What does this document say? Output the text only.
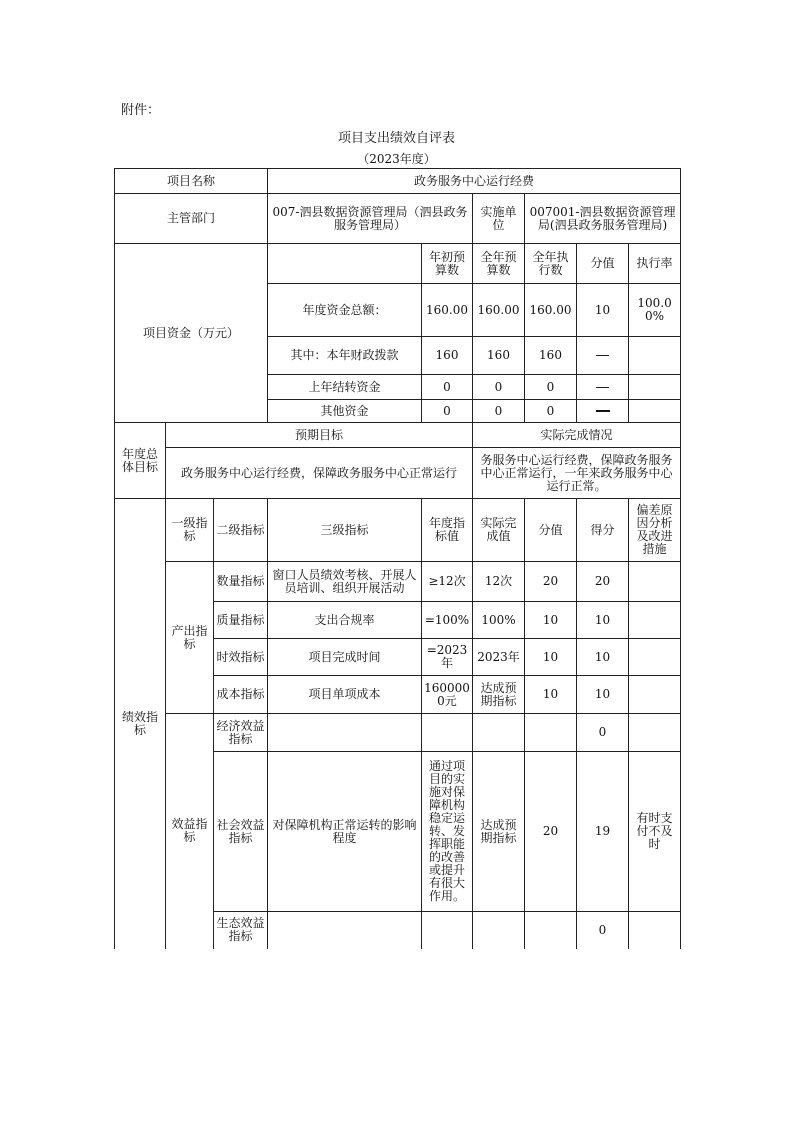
附件：
项目支出绩效自评表
（2023年度）
项目名称			政务服务中心运行经费						
主管部门			007-泗县数据资源管理局（泗县政务服务管理局）		实施单位	007001-泗县数据资源管理局(泗县政务服务管理局)			
项目资金（万元）				年初预算数	全年预算数	全年执行数	分值	执行率	
			年度资金总额：	160.00	160.00	160.00	10	100.00%	
			其中：本年财政拨款	160	160	160			
			上年结转资金	0	0	0			
			其他资金	0	0	0			
年度总体目标	预期目标				实际完成情况				
	政务服务中心运行经费，保障政务服务中心正常运行				务服务中心运行经费，保障政务服务中心正常运行，一年来政务服务中心运行正常。				
绩效指标	一级指标	二级指标	三级指标	年度指标值	实际完成值	分值	得分	偏差原因分析及改进措施	
	产出指标	数量指标	窗口人员绩效考核、开展人员培训、组织开展活动	≥12次	12次	20	20		
		质量指标	支出合规率	=100%	100%	10	10		
		时效指标	项目完成时间	=2023年	2023年	10	10		
		成本指标	项目单项成本	1600000元	达成预期指标	10	10		
	效益指标	经济效益指标					0		
		社会效益指标	对保障机构正常运转的影响程度	通过项目的实施对保障机构稳定运转、发挥职能的改善或提升有很大作用。	达成预期指标	20	19	有时支付不及时	
		生态效益指标					0		
